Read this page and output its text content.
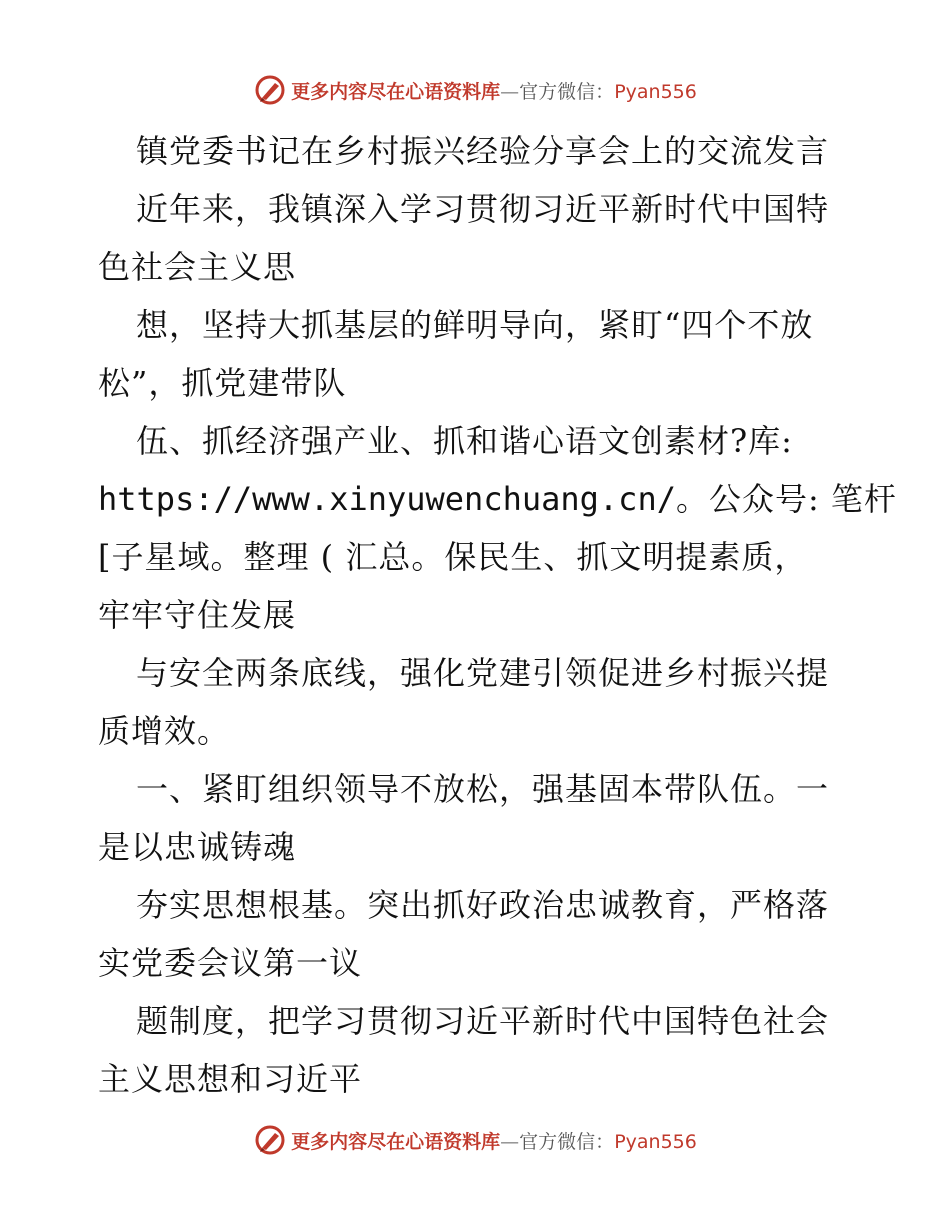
更多内容尽在心语资料库—官方微信：Pyan556
镇党委书记在乡村振兴经验分享会上的交流发言
近年来，我镇深入学习贯彻习近平新时代中国特
色社会主义思
想，坚持大抓基层的鲜明导向，紧盯“四个不放
松”，抓党建带队
伍、抓经济强产业、抓和谐心语文创素材?库:
https://www.xinyuwenchuang.cn/。公众号: 笔杆
[子星域。整理 ( 汇总。保民生、抓文明提素质，
牢牢守住发展
与安全两条底线，强化党建引领促进乡村振兴提
质增效。
一、紧盯组织领导不放松，强基固本带队伍。一
是以忠诚铸魂
夯实思想根基。突出抓好政治忠诚教育，严格落
实党委会议第一议
题制度，把学习贯彻习近平新时代中国特色社会
主义思想和习近平
更多内容尽在心语资料库—官方微信：Pyan556
